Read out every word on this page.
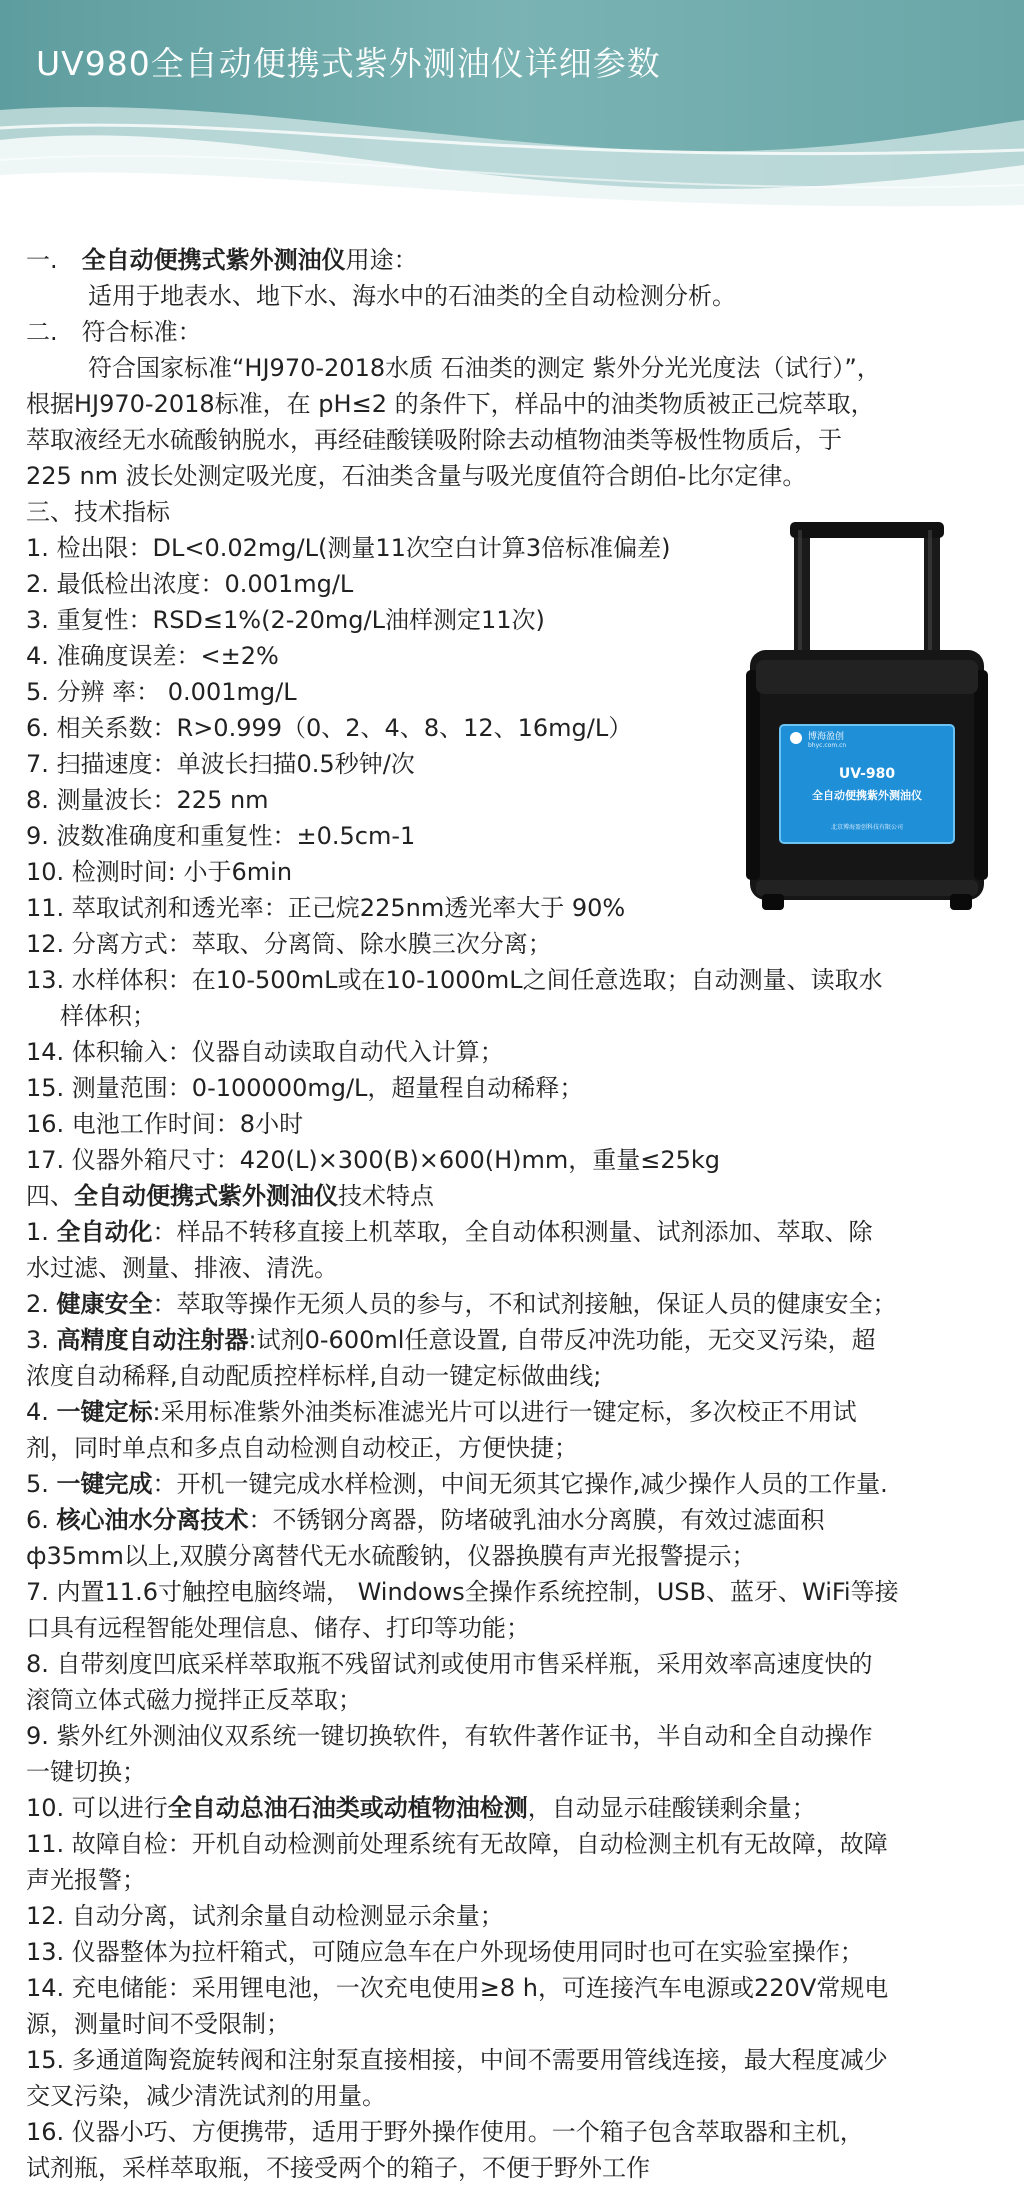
UV980全自动便携式紫外测油仪详细参数
一.　 全自动便携式紫外测油仪用途：
适用于地表水、地下水、海水中的石油类的全自动检测分析。
二.　符合标准：
符合国家标准“HJ970-2018水质 石油类的测定 紫外分光光度法（试行）”，
根据HJ970-2018标准，在 pH≤2 的条件下，样品中的油类物质被正己烷萃取，
萃取液经无水硫酸钠脱水，再经硅酸镁吸附除去动植物油类等极性物质后，于
225 nm 波长处测定吸光度，石油类含量与吸光度值符合朗伯-比尔定律。
三、技术指标
1. 检出限：DL<0.02mg/L(测量11次空白计算3倍标准偏差)
2. 最低检出浓度：0.001mg/L
3. 重复性：RSD≤1%(2-20mg/L油样测定11次)
4. 准确度误差：<±2%
5. 分辨 率： 0.001mg/L
6. 相关系数：R>0.999（0、2、4、8、12、16mg/L）
7. 扫描速度：单波长扫描0.5秒钟/次
8. 测量波长：225 nm
9. 波数准确度和重复性：±0.5cm-1
10. 检测时间: 小于6min
11. 萃取试剂和透光率：正己烷225nm透光率大于 90%
12. 分离方式：萃取、分离筒、除水膜三次分离；
13. 水样体积：在10-500mL或在10-1000mL之间任意选取；自动测量、读取水
样体积；
14. 体积输入：仪器自动读取自动代入计算；
15. 测量范围：0-100000mg/L，超量程自动稀释；
16. 电池工作时间：8小时
17. 仪器外箱尺寸：420(L)×300(B)×600(H)mm，重量≤25kg
四、全自动便携式紫外测油仪技术特点
1. 全自动化：样品不转移直接上机萃取，全自动体积测量、试剂添加、萃取、除
水过滤、测量、排液、清洗。
2. 健康安全：萃取等操作无须人员的参与，不和试剂接触，保证人员的健康安全；
3. 高精度自动注射器:试剂0-600ml任意设置, 自带反冲洗功能，无交叉污染，超
浓度自动稀释,自动配质控样标样,自动一键定标做曲线;
4. 一键定标:采用标准紫外油类标准滤光片可以进行一键定标，多次校正不用试
剂，同时单点和多点自动检测自动校正，方便快捷；
5. 一键完成：开机一键完成水样检测，中间无须其它操作,减少操作人员的工作量.
6. 核心油水分离技术：不锈钢分离器，防堵破乳油水分离膜，有效过滤面积
ф35mm以上,双膜分离替代无水硫酸钠，仪器换膜有声光报警提示；
7. 内置11.6寸触控电脑终端， Windows全操作系统控制，USB、蓝牙、WiFi等接
口具有远程智能处理信息、储存、打印等功能；
8. 自带刻度凹底采样萃取瓶不残留试剂或使用市售采样瓶，采用效率高速度快的
滚筒立体式磁力搅拌正反萃取；
9. 紫外红外测油仪双系统一键切换软件，有软件著作证书，半自动和全自动操作
一键切换；
10. 可以进行全自动总油石油类或动植物油检测，自动显示硅酸镁剩余量；
11. 故障自检：开机自动检测前处理系统有无故障，自动检测主机有无故障，故障
声光报警；
12. 自动分离，试剂余量自动检测显示余量；
13. 仪器整体为拉杆箱式，可随应急车在户外现场使用同时也可在实验室操作；
14. 充电储能：采用锂电池，一次充电使用≥8 h，可连接汽车电源或220V常规电
源，测量时间不受限制；
15. 多通道陶瓷旋转阀和注射泵直接相接，中间不需要用管线连接，最大程度减少
交叉污染，减少清洗试剂的用量。
16. 仪器小巧、方便携带，适用于野外操作使用。一个箱子包含萃取器和主机，
试剂瓶，采样萃取瓶，不接受两个的箱子，不便于野外工作
博海盈创
bhyc.com.cn
UV-980
全自动便携紫外测油仪
北京博海盈创科技有限公司
